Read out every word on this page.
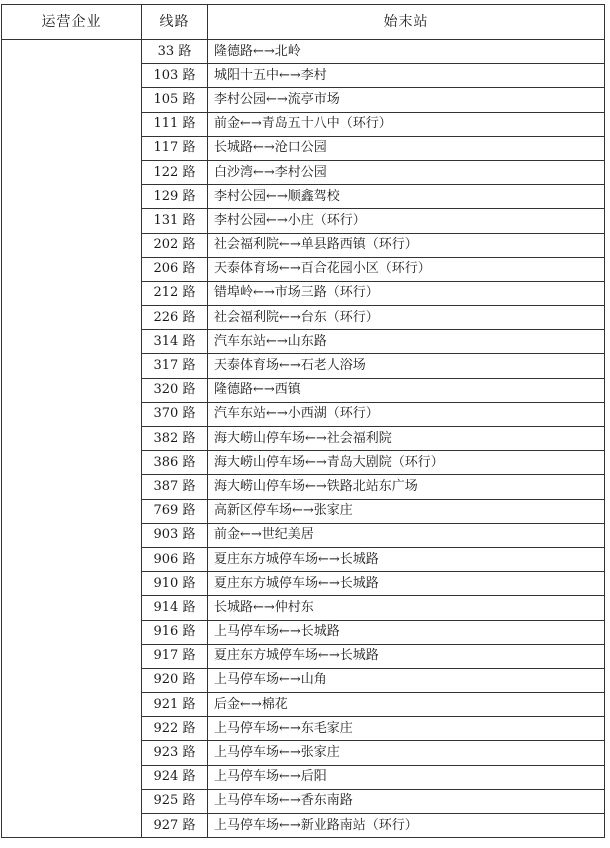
运营企业	线路	始末站
	33 路	隆德路←→北岭
	103 路	城阳十五中←→李村
	105 路	李村公园←→流亭市场
	111 路	前金←→青岛五十八中（环行）
	117 路	长城路←→沧口公园
	122 路	白沙湾←→李村公园
	129 路	李村公园←→顺鑫驾校
	131 路	李村公园←→小庄（环行）
	202 路	社会福利院←→单县路西镇（环行）
	206 路	天泰体育场←→百合花园小区（环行）
	212 路	错埠岭←→市场三路（环行）
	226 路	社会福利院←→台东（环行）
	314 路	汽车东站←→山东路
	317 路	天泰体育场←→石老人浴场
	320 路	隆德路←→西镇
	370 路	汽车东站←→小西湖（环行）
	382 路	海大崂山停车场←→社会福利院
	386 路	海大崂山停车场←→青岛大剧院（环行）
	387 路	海大崂山停车场←→铁路北站东广场
	769 路	高新区停车场←→张家庄
	903 路	前金←→世纪美居
	906 路	夏庄东方城停车场←→长城路
	910 路	夏庄东方城停车场←→长城路
	914 路	长城路←→仲村东
	916 路	上马停车场←→长城路
	917 路	夏庄东方城停车场←→长城路
	920 路	上马停车场←→山角
	921 路	后金←→棉花
	922 路	上马停车场←→东毛家庄
	923 路	上马停车场←→张家庄
	924 路	上马停车场←→后阳
	925 路	上马停车场←→香东南路
	927 路	上马停车场←→新业路南站（环行）
